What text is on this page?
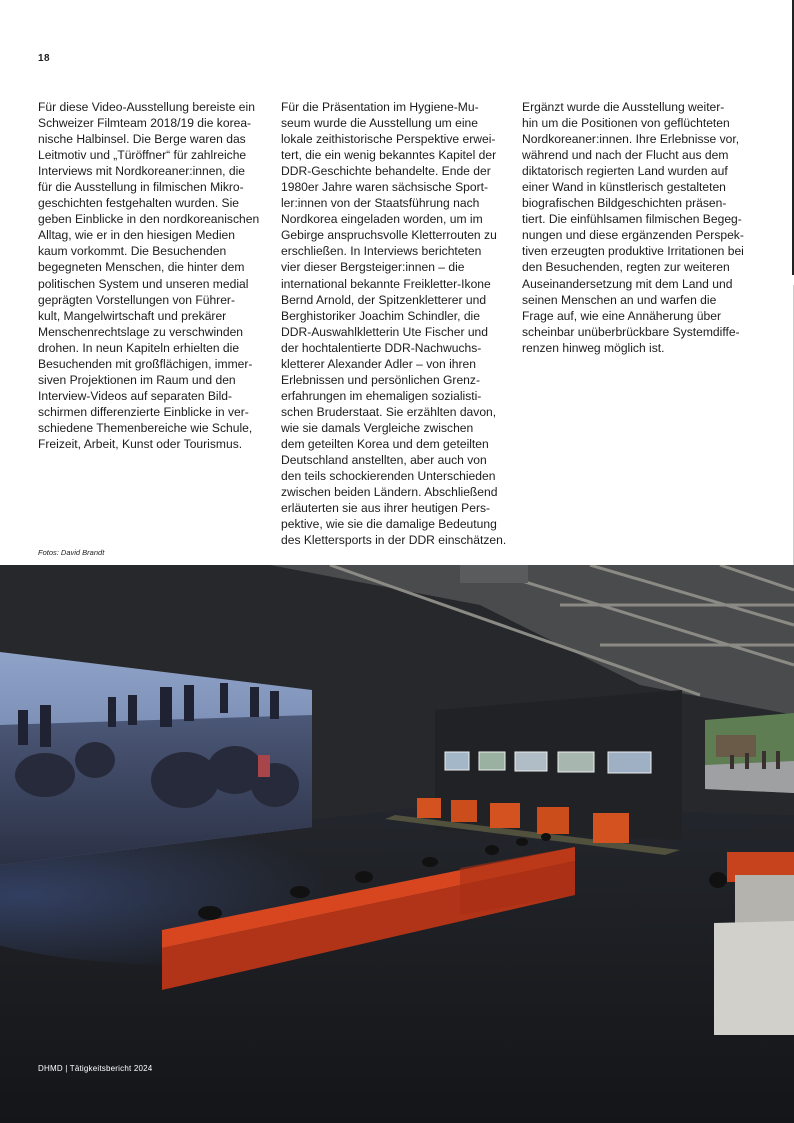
18

Für diese Video-Ausstellung bereiste ein
Schweizer Filmteam 2018/19 die korea-
nische Halbinsel. Die Berge waren das
Leitmotiv und „Türöffner“ für zahlreiche
Interviews mit Nordkoreaner:innen, die
für die Ausstellung in filmischen Mikro-
geschichten festgehalten wurden. Sie
geben Einblicke in den nordkoreanischen
Alltag, wie er in den hiesigen Medien
kaum vorkommt. Die Besuchenden
begegneten Menschen, die hinter dem
politischen System und unseren medial
geprägten Vorstellungen von Führer-
kult, Mangelwirtschaft und prekärer
Menschenrechtslage zu verschwinden
drohen. In neun Kapiteln erhielten die
Besuchenden mit großflächigen, immer-
siven Projektionen im Raum und den
Interview-Videos auf separaten Bild-
schirmen differenzierte Einblicke in ver-
schiedene Themenbereiche wie Schule,
Freizeit, Arbeit, Kunst oder Tourismus.

Für die Präsentation im Hygiene-Mu-
seum wurde die Ausstellung um eine
lokale zeithistorische Perspektive erwei-
tert, die ein wenig bekanntes Kapitel der
DDR-Geschichte behandelte. Ende der
1980er Jahre waren sächsische Sport-
ler:innen von der Staatsführung nach
Nordkorea eingeladen worden, um im
Gebirge anspruchsvolle Kletterrouten zu
erschließen. In Interviews berichteten
vier dieser Bergsteiger:innen – die
international bekannte Freikletter-Ikone
Bernd Arnold, der Spitzenkletterer und
Berghistoriker Joachim Schindler, die
DDR-Auswahlkletterin Ute Fischer und
der hochtalentierte DDR-Nachwuchs-
kletterer Alexander Adler – von ihren
Erlebnissen und persönlichen Grenz-
erfahrungen im ehemaligen sozialisti-
schen Bruderstaat. Sie erzählten davon,
wie sie damals Vergleiche zwischen
dem geteilten Korea und dem geteilten
Deutschland anstellten, aber auch von
den teils schockierenden Unterschieden
zwischen beiden Ländern. Abschließend
erläuterten sie aus ihrer heutigen Pers-
pektive, wie sie die damalige Bedeutung
des Klettersports in der DDR einschätzen.

Ergänzt wurde die Ausstellung weiter-
hin um die Positionen von geflüchteten
Nordkoreaner:innen. Ihre Erlebnisse vor,
während und nach der Flucht aus dem
diktatorisch regierten Land wurden auf
einer Wand in künstlerisch gestalteten
biografischen Bildgeschichten präsen-
tiert. Die einfühlsamen filmischen Begeg-
nungen und diese ergänzenden Perspek-
tiven erzeugten produktive Irritationen bei
den Besuchenden, regten zur weiteren
Auseinandersetzung mit dem Land und
seinen Menschen an und warfen die
Frage auf, wie eine Annäherung über
scheinbar unüberbrückbare Systemdiffe-
renzen hinweg möglich ist.

Fotos: David Brandt
DHMD | Tätigkeitsbericht 2024
